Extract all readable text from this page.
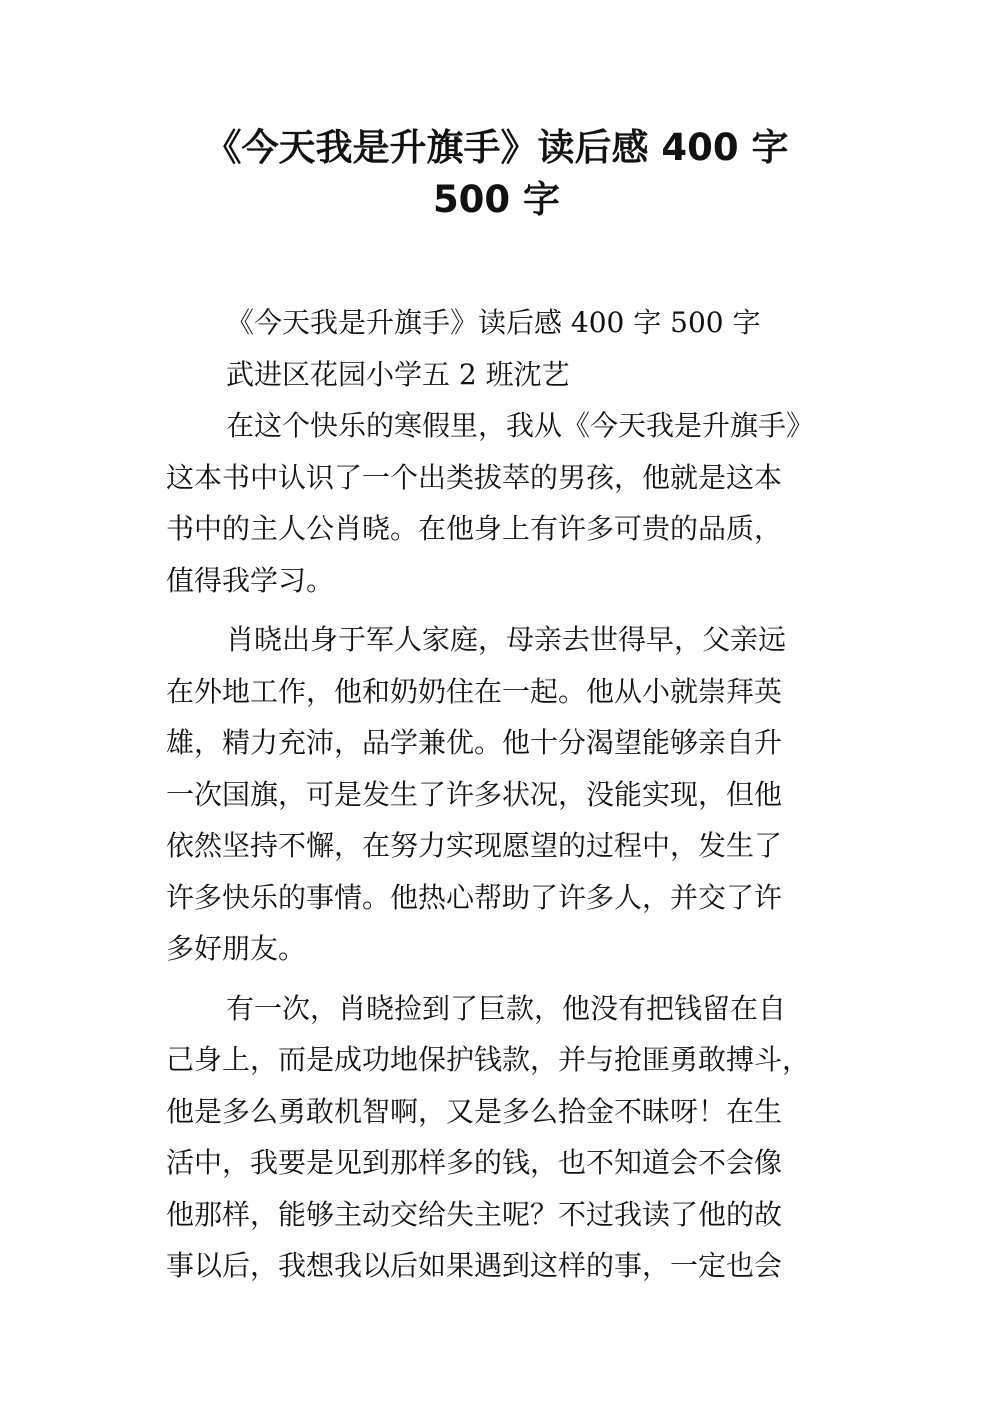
《今天我是升旗手》读后感 400 字
500 字
《今天我是升旗手》读后感 400 字 500 字
武进区花园小学五 2 班沈艺
在这个快乐的寒假里，我从《今天我是升旗手》
这本书中认识了一个出类拔萃的男孩，他就是这本
书中的主人公肖晓。在他身上有许多可贵的品质，
值得我学习。
肖晓出身于军人家庭，母亲去世得早，父亲远
在外地工作，他和奶奶住在一起。他从小就崇拜英
雄，精力充沛，品学兼优。他十分渴望能够亲自升
一次国旗，可是发生了许多状况，没能实现，但他
依然坚持不懈，在努力实现愿望的过程中，发生了
许多快乐的事情。他热心帮助了许多人，并交了许
多好朋友。
有一次，肖晓捡到了巨款，他没有把钱留在自
己身上，而是成功地保护钱款，并与抢匪勇敢搏斗，
他是多么勇敢机智啊，又是多么拾金不昧呀！在生
活中，我要是见到那样多的钱，也不知道会不会像
他那样，能够主动交给失主呢？不过我读了他的故
事以后，我想我以后如果遇到这样的事，一定也会
